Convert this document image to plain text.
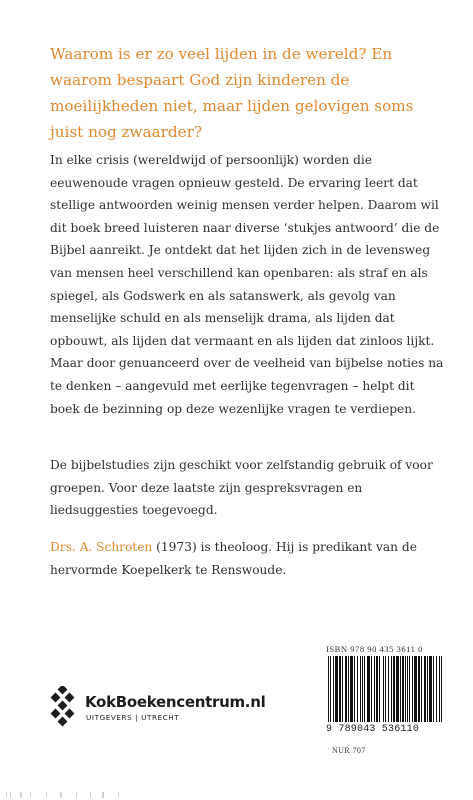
Waarom is er zo veel lijden in de wereld? En waarom bespaart God zijn kinderen de moeilijkheden niet, maar lijden gelovigen soms juist nog zwaarder?

In elke crisis (wereldwijd of persoonlijk) worden die eeuwenoude vragen opnieuw gesteld. De ervaring leert dat stellige antwoorden weinig mensen verder helpen. Daarom wil dit boek breed luisteren naar diverse ‘stukjes antwoord’ die de Bijbel aanreikt. Je ontdekt dat het lijden zich in de levensweg van mensen heel verschillend kan openbaren: als straf en als spiegel, als Godswerk en als satanswerk, als gevolg van menselijke schuld en als menselijk drama, als lijden dat opbouwt, als lijden dat vermaant en als lijden dat zinloos lijkt. Maar door genuanceerd over de veelheid van bijbelse noties na te denken – aangevuld met eerlijke tegenvragen – helpt dit boek de bezinning op deze wezenlijke vragen te verdiepen.

De bijbelstudies zijn geschikt voor zelfstandig gebruik of voor groepen. Voor deze laatste zijn gespreksvragen en liedsuggesties toegevoegd.

Drs. A. Schroten (1973) is theoloog. Hij is predikant van de hervormde Koepelkerk te Renswoude.

KokBoekencentrum.nl
UITGEVERS | UTRECHT
ISBN 978 90 435 3611 0
9 789043 536110
NUR 707
